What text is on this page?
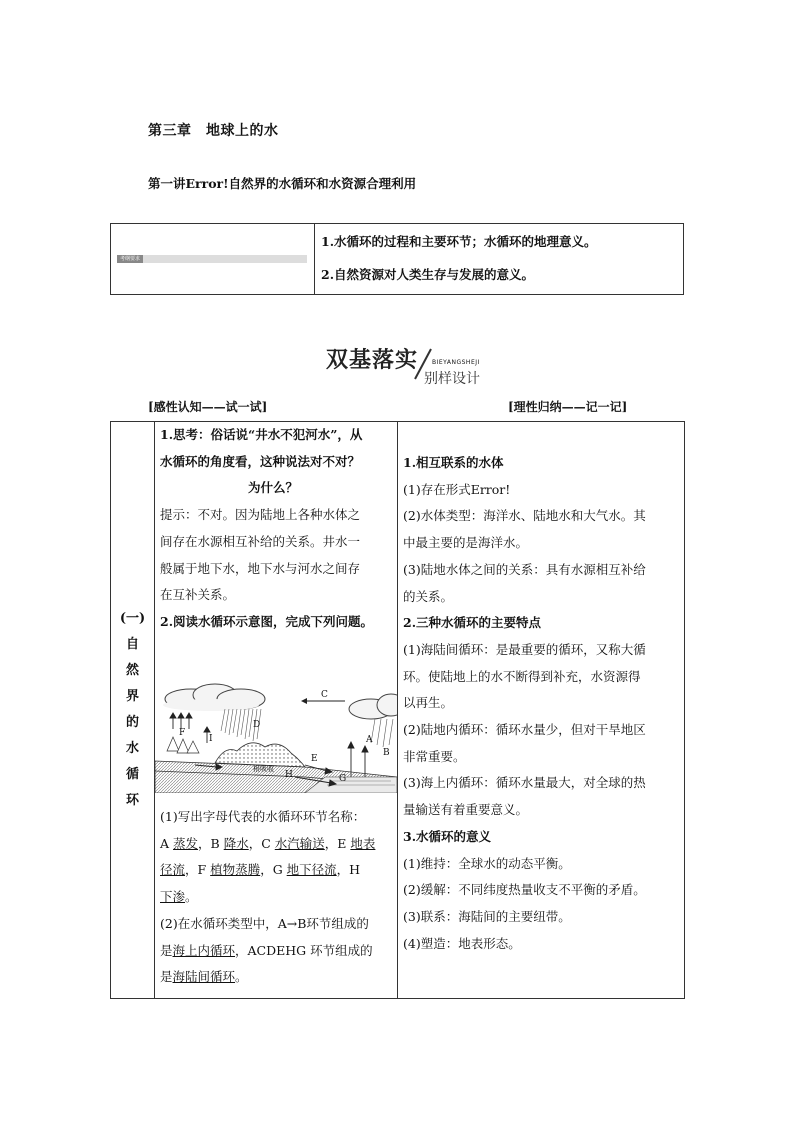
第三章　地球上的水
第一讲Error!自然界的水循环和水资源合理利用
考纲要求
1.水循环的过程和主要环节；水循环的地理意义。
2.自然资源对人类生存与发展的意义。
双基落实 BIEYANGSHEJI
别样设计
[感性认知——试一试]	[理性归纳——记一记]
(一)
自
然
界
的
水
循
环
1.思考：俗话说“井水不犯河水”，从
水循环的角度看，这种说法对不对？
为什么？
提示：不对。因为陆地上各种水体之
间存在水源相互补给的关系。井水一
般属于地下水，地下水与河水之间存
在互补关系。
2.阅读水循环示意图，完成下列问题。
(1)写出字母代表的水循环环节名称：
A 蒸发，B 降水，C 水汽输送，E 地表
径流，F 植物蒸腾，G 地下径流，H
下渗。
(2)在水循环类型中，A→B环节组成的
是海上内循环，ACDEHG 环节组成的
是海陆间循环。
1.相互联系的水体
(1)存在形式Error!
(2)水体类型：海洋水、陆地水和大气水。其
中最主要的是海洋水。
(3)陆地水体之间的关系：具有水源相互补给
的关系。
2.三种水循环的主要特点
(1)海陆间循环：是最重要的循环，又称大循
环。使陆地上的水不断得到补充，水资源得
以再生。
(2)陆地内循环：循环水量少，但对干旱地区
非常重要。
(3)海上内循环：循环水量最大，对全球的热
量输送有着重要意义。
3.水循环的意义
(1)维持：全球水的动态平衡。
(2)缓解：不同纬度热量收支不平衡的矛盾。
(3)联系：海陆间的主要纽带。
(4)塑造：地表形态。
A
B
C
D
E
F
G
H
I
根吸收
